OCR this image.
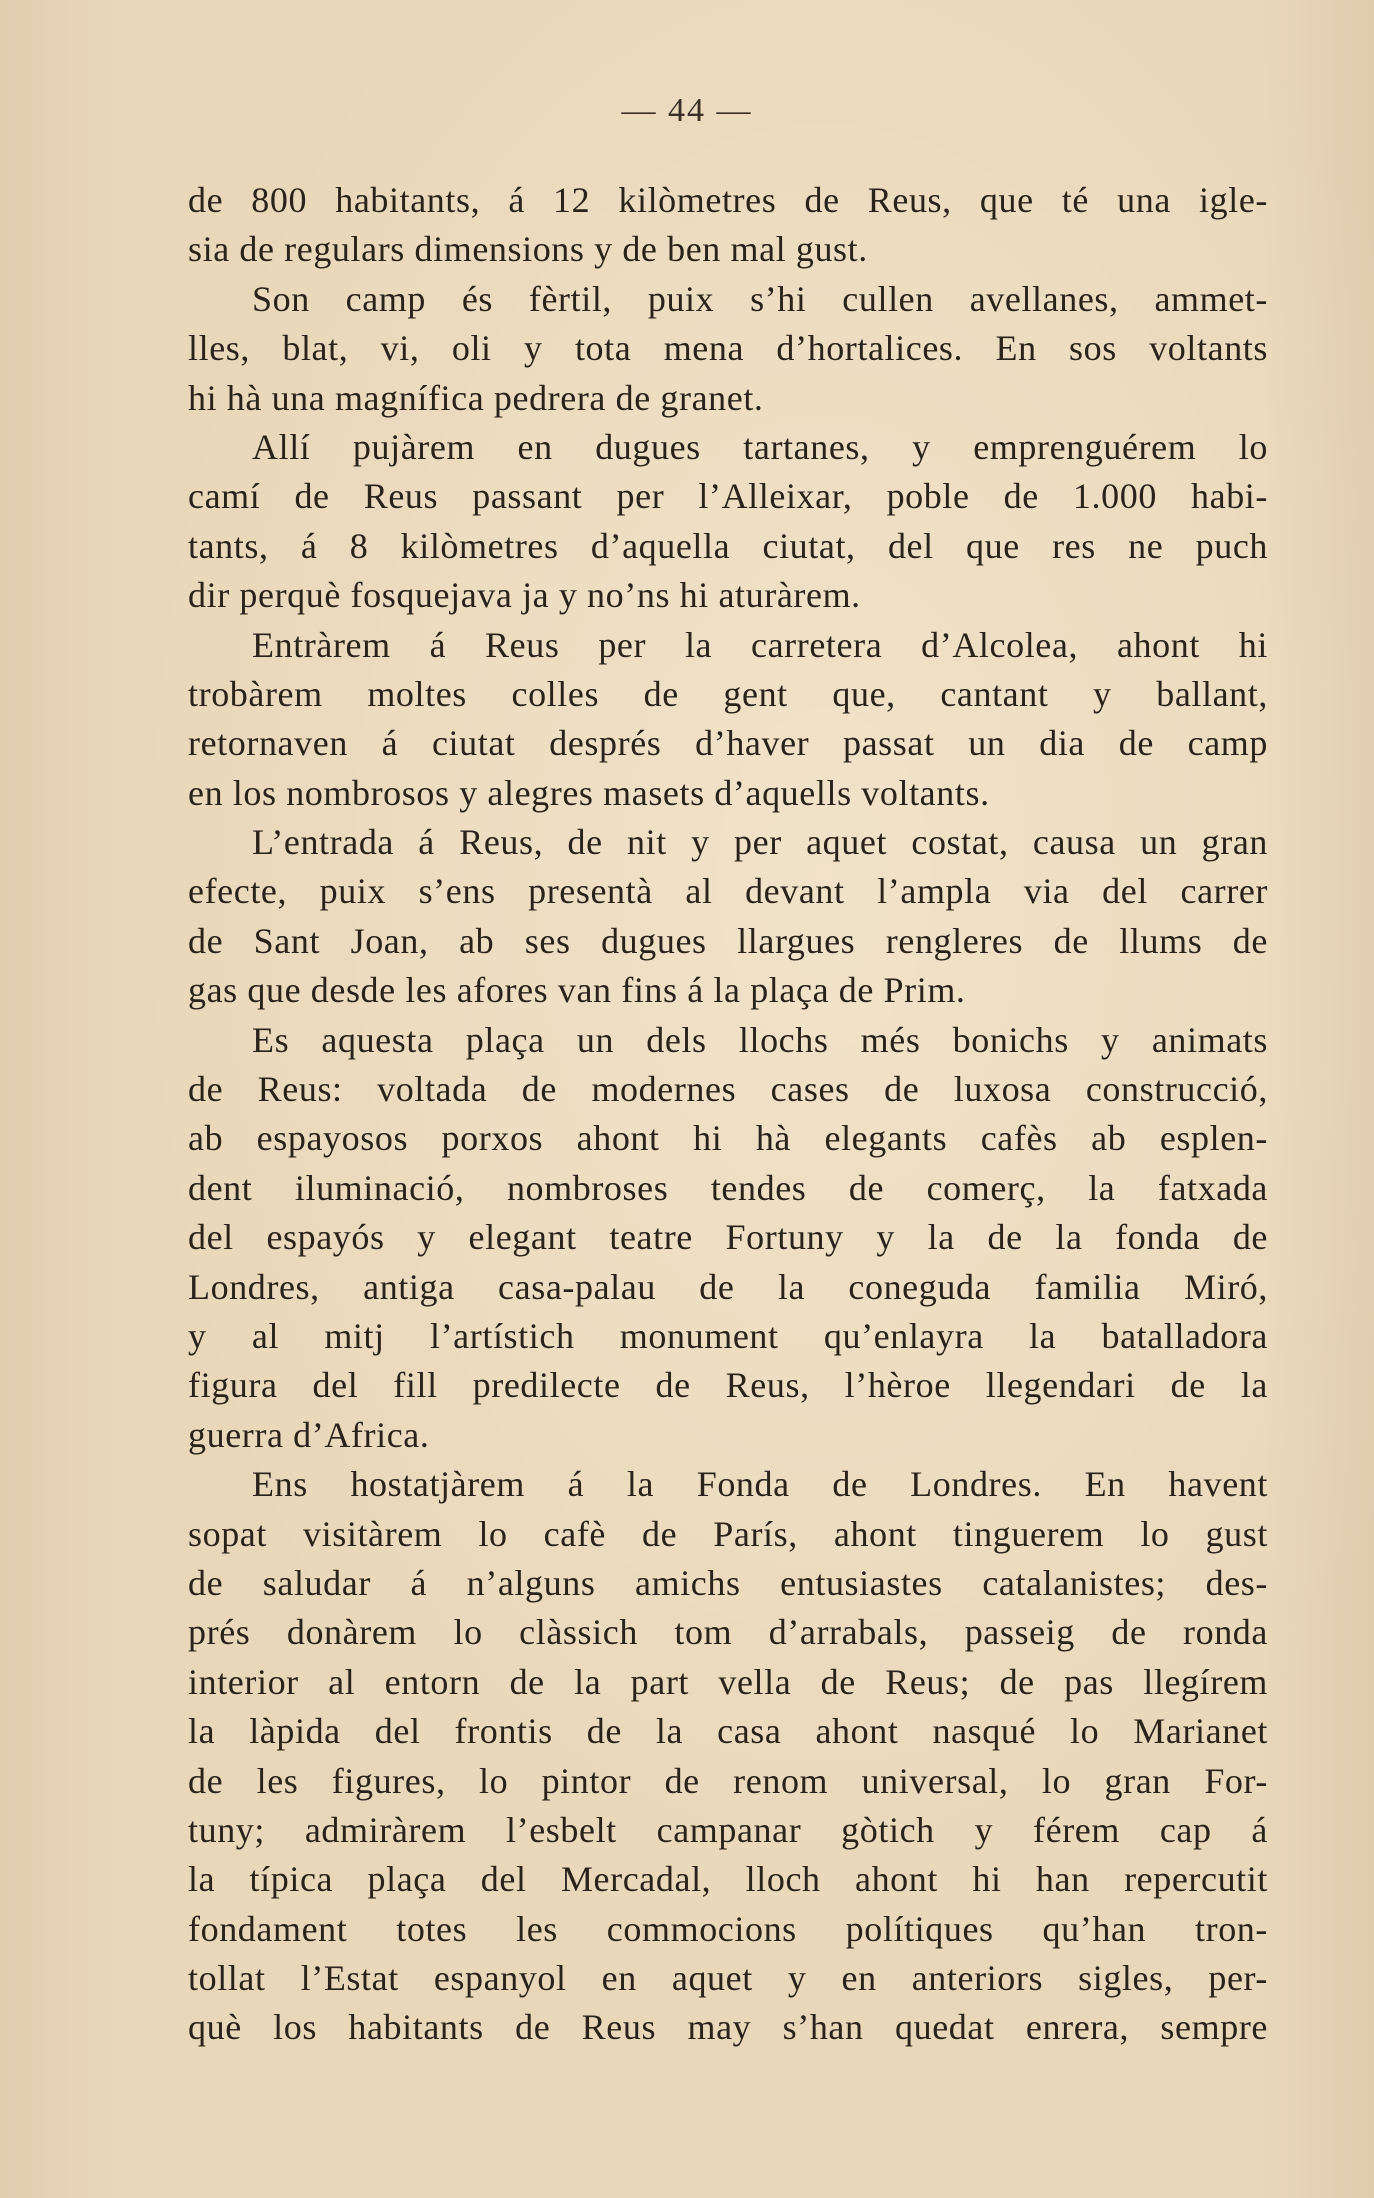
— 44 —
de 800 habitants, á 12 kilòmetres de Reus, que té una igle-
sia de regulars dimensions y de ben mal gust.
Son camp és fèrtil, puix s’hi cullen avellanes, ammet-
lles, blat, vi, oli y tota mena d’hortalices. En sos voltants
hi hà una magnífica pedrera de granet.
Allí pujàrem en dugues tartanes, y emprenguérem lo
camí de Reus passant per l’Alleixar, poble de 1.000 habi-
tants, á 8 kilòmetres d’aquella ciutat, del que res ne puch
dir perquè fosquejava ja y no’ns hi aturàrem.
Entràrem á Reus per la carretera d’Alcolea, ahont hi
trobàrem moltes colles de gent que, cantant y ballant,
retornaven á ciutat després d’haver passat un dia de camp
en los nombrosos y alegres masets d’aquells voltants.
L’entrada á Reus, de nit y per aquet costat, causa un gran
efecte, puix s’ens presentà al devant l’ampla via del carrer
de Sant Joan, ab ses dugues llargues rengleres de llums de
gas que desde les afores van fins á la plaça de Prim.
Es aquesta plaça un dels llochs més bonichs y animats
de Reus: voltada de modernes cases de luxosa construcció,
ab espayosos porxos ahont hi hà elegants cafès ab esplen-
dent iluminació, nombroses tendes de comerç, la fatxada
del espayós y elegant teatre Fortuny y la de la fonda de
Londres, antiga casa-palau de la coneguda familia Miró,
y al mitj l’artístich monument qu’enlayra la batalladora
figura del fill predilecte de Reus, l’hèroe llegendari de la
guerra d’Africa.
Ens hostatjàrem á la Fonda de Londres. En havent
sopat visitàrem lo cafè de París, ahont tinguerem lo gust
de saludar á n’alguns amichs entusiastes catalanistes; des-
prés donàrem lo clàssich tom d’arrabals, passeig de ronda
interior al entorn de la part vella de Reus; de pas llegírem
la làpida del frontis de la casa ahont nasqué lo Marianet
de les figures, lo pintor de renom universal, lo gran For-
tuny; admiràrem l’esbelt campanar gòtich y férem cap á
la típica plaça del Mercadal, lloch ahont hi han repercutit
fondament totes les commocions polítiques qu’han tron-
tollat l’Estat espanyol en aquet y en anteriors sigles, per-
què los habitants de Reus may s’han quedat enrera, sempre
